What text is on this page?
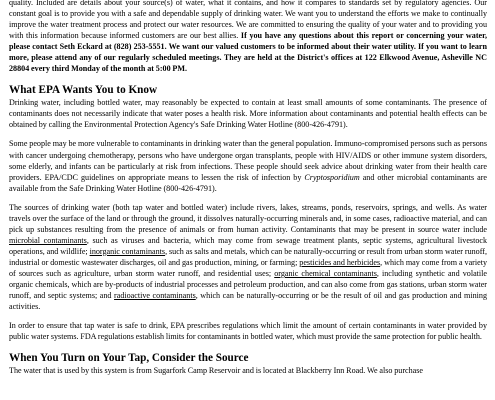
quality. Included are details about your source(s) of water, what it contains, and how it compares to standards set by regulatory agencies. Our constant goal is to provide you with a safe and dependable supply of drinking water. We want you to understand the efforts we make to continually improve the water treatment process and protect our water resources. We are committed to ensuring the quality of your water and to providing you with this information because informed customers are our best allies. If you have any questions about this report or concerning your water, please contact Seth Eckard at (828) 253-5551. We want our valued customers to be informed about their water utility. If you want to learn more, please attend any of our regularly scheduled meetings. They are held at the District's offices at 122 Elkwood Avenue, Asheville NC 28804 every third Monday of the month at 5:00 PM.

What EPA Wants You to Know

Drinking water, including bottled water, may reasonably be expected to contain at least small amounts of some contaminants. The presence of contaminants does not necessarily indicate that water poses a health risk. More information about contaminants and potential health effects can be obtained by calling the Environmental Protection Agency's Safe Drinking Water Hotline (800-426-4791).

Some people may be more vulnerable to contaminants in drinking water than the general population. Immuno-compromised persons such as persons with cancer undergoing chemotherapy, persons who have undergone organ transplants, people with HIV/AIDS or other immune system disorders, some elderly, and infants can be particularly at risk from infections. These people should seek advice about drinking water from their health care providers. EPA/CDC guidelines on appropriate means to lessen the risk of infection by Cryptosporidium and other microbial contaminants are available from the Safe Drinking Water Hotline (800-426-4791).

The sources of drinking water (both tap water and bottled water) include rivers, lakes, streams, ponds, reservoirs, springs, and wells. As water travels over the surface of the land or through the ground, it dissolves naturally-occurring minerals and, in some cases, radioactive material, and can pick up substances resulting from the presence of animals or from human activity. Contaminants that may be present in source water include microbial contaminants, such as viruses and bacteria, which may come from sewage treatment plants, septic systems, agricultural livestock operations, and wildlife; inorganic contaminants, such as salts and metals, which can be naturally-occurring or result from urban storm water runoff, industrial or domestic wastewater discharges, oil and gas production, mining, or farming; pesticides and herbicides, which may come from a variety of sources such as agriculture, urban storm water runoff, and residential uses; organic chemical contaminants, including synthetic and volatile organic chemicals, which are by-products of industrial processes and petroleum production, and can also come from gas stations, urban storm water runoff, and septic systems; and radioactive contaminants, which can be naturally-occurring or be the result of oil and gas production and mining activities.

In order to ensure that tap water is safe to drink, EPA prescribes regulations which limit the amount of certain contaminants in water provided by public water systems. FDA regulations establish limits for contaminants in bottled water, which must provide the same protection for public health.

When You Turn on Your Tap, Consider the Source

The water that is used by this system is from Sugarfork Camp Reservoir and is located at Blackberry Inn Road. We also purchase
